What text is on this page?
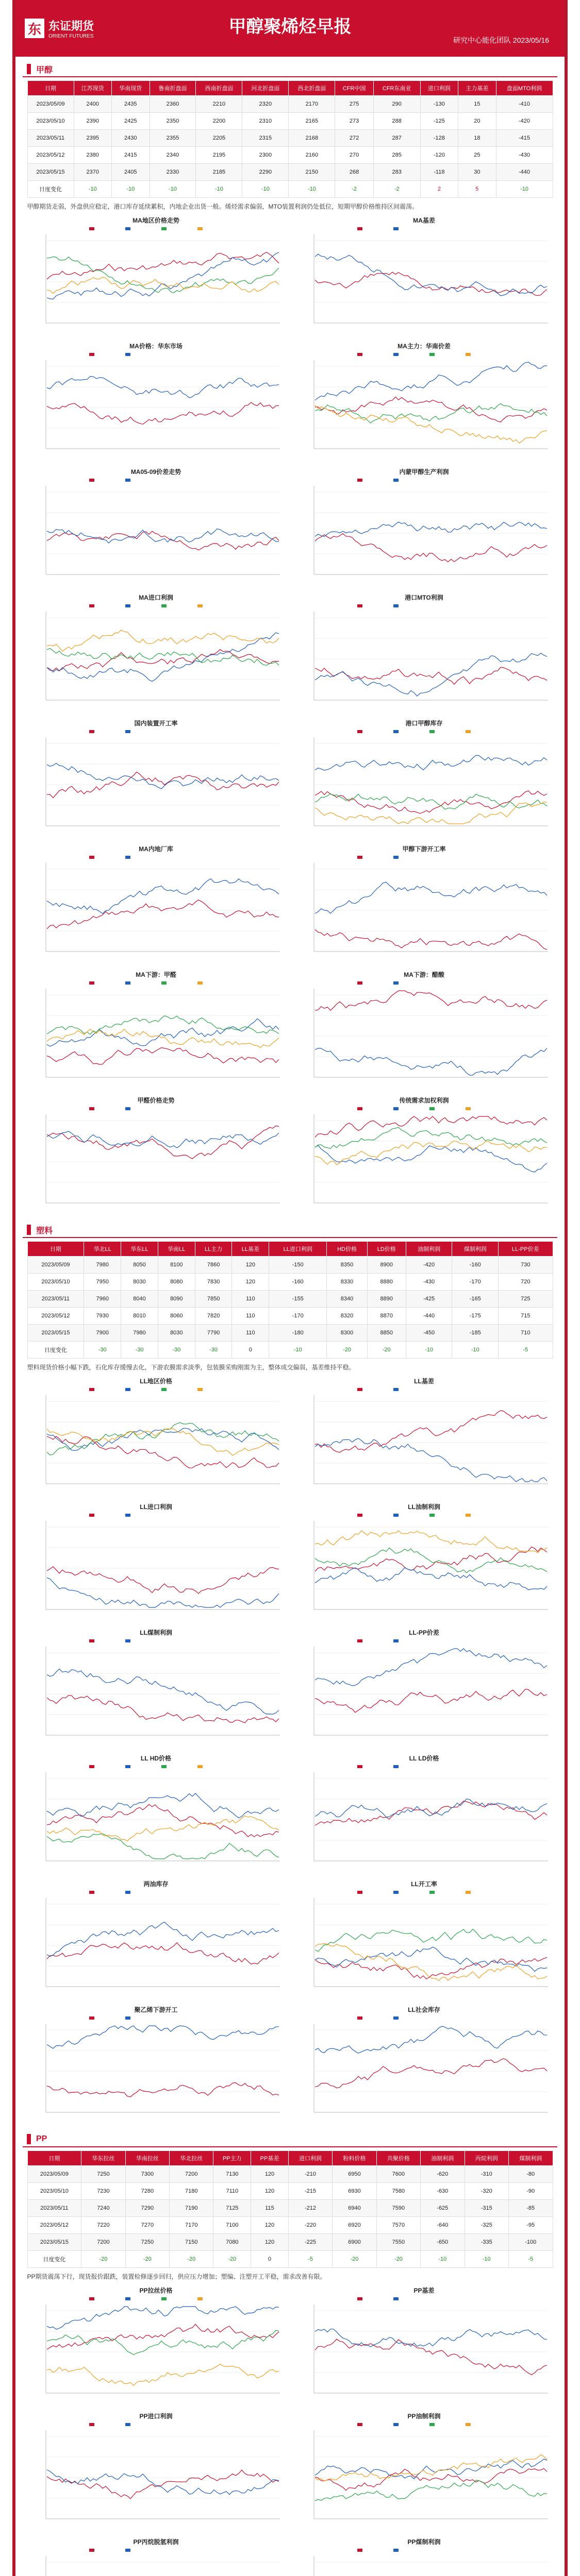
东 东证期货
ORIENT FUTURES	甲醇聚烯烃早报
研究中心能化团队 2023/05/16
甲醇
日期	江苏现货	华南现货	鲁南折盘面	西南折盘面	河北折盘面	西北折盘面	CFR中国	CFR东南亚	进口利润	主力基差	盘面MTO利润
2023/05/09	2400	2435	2360	2210	2320	2170	275	290	-130	15	-410
2023/05/10	2390	2425	2350	2200	2310	2165	273	288	-125	20	-420
2023/05/11	2395	2430	2355	2205	2315	2168	272	287	-128	18	-415
2023/05/12	2380	2415	2340	2195	2300	2160	270	285	-120	25	-430
2023/05/15	2370	2405	2330	2185	2290	2150	268	283	-118	30	-440
日度变化	-10	-10	-10	-10	-10	-10	-2	-2	2	5	-10
甲醇期货走弱，外盘供应稳定，港口库存延续累积，内地企业出货一般。烯烃需求偏弱，MTO装置利润仍处低位，短期甲醇价格维持区间震荡。
MA地区价格走势	MA基差
MA价格：华东市场	MA主力：华南价差
MA05-09价差走势	内蒙甲醇生产利润
MA进口利润	港口MTO利润
国内装置开工率	港口甲醇库存
MA内地厂库	甲醇下游开工率
MA下游：甲醛	MA下游：醋酸
甲醛价格走势	传统需求加权利润
塑料
日期	华北LL	华东LL	华南LL	LL主力	LL基差	LL进口利润	HD价格	LD价格	油制利润	煤制利润	LL-PP价差
2023/05/09	7980	8050	8100	7860	120	-150	8350	8900	-420	-160	730
2023/05/10	7950	8030	8080	7830	120	-160	8330	8880	-430	-170	720
2023/05/11	7960	8040	8090	7850	110	-155	8340	8890	-425	-165	725
2023/05/12	7930	8010	8060	7820	110	-170	8320	8870	-440	-175	715
2023/05/15	7900	7980	8030	7790	110	-180	8300	8850	-450	-185	710
日度变化	-30	-30	-30	-30	0	-10	-20	-20	-10	-10	-5
塑料现货价格小幅下跌，石化库存缓慢去化，下游农膜需求淡季，包装膜采购刚需为主，整体成交偏弱，基差维持平稳。
LL地区价格	LL基差
LL进口利润	LL油制利润
LL煤制利润	LL-PP价差
LL HD价格	LL LD价格
两油库存	LL开工率
聚乙烯下游开工	LL社会库存
PP
日期	华东拉丝	华南拉丝	华北拉丝	PP主力	PP基差	进口利润	粉料价格	共聚价格	油制利润	丙烷利润	煤制利润
2023/05/09	7250	7300	7200	7130	120	-210	6950	7600	-620	-310	-80
2023/05/10	7230	7280	7180	7110	120	-215	6930	7580	-630	-320	-90
2023/05/11	7240	7290	7190	7125	115	-212	6940	7590	-625	-315	-85
2023/05/12	7220	7270	7170	7100	120	-220	6920	7570	-640	-325	-95
2023/05/15	7200	7250	7150	7080	120	-225	6900	7550	-650	-335	-100
日度变化	-20	-20	-20	-20	0	-5	-20	-20	-10	-10	-5
PP期货震荡下行，现货报价跟跌，装置检修逐步回归，供应压力增加；塑编、注塑开工平稳，需求改善有限。
PP拉丝价格	PP基差
PP进口利润	PP油制利润
PP丙烷脱氢利润	PP煤制利润
